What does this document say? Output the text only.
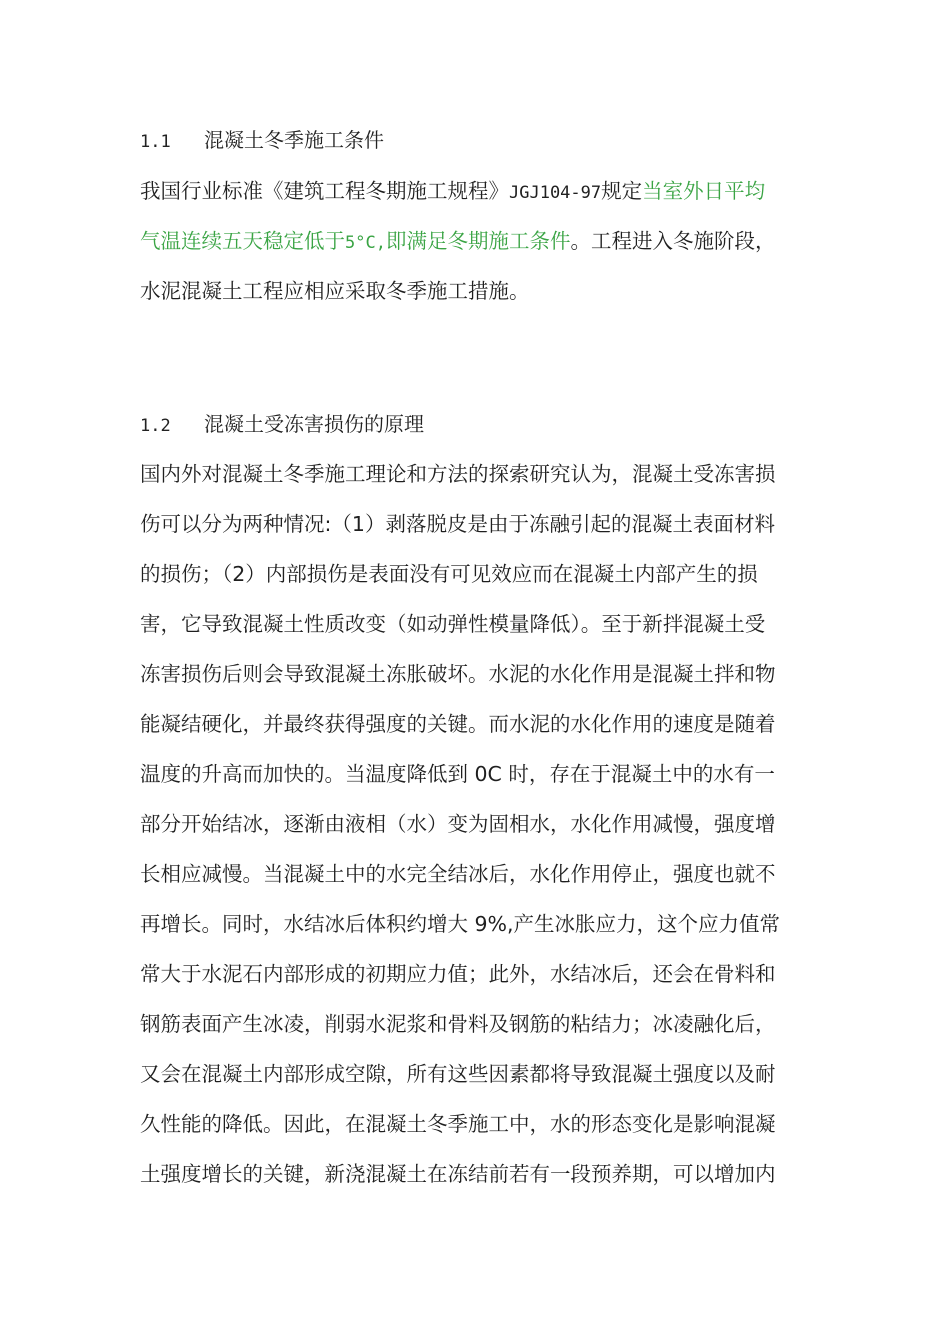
1.1 混凝土冬季施工条件
我国行业标准《建筑工程冬期施工规程》JGJ104-97规定当室外日平均
气温连续五天稳定低于5°C,即满足冬期施工条件。工程进入冬施阶段，
水泥混凝土工程应相应采取冬季施工措施。
1.2 混凝土受冻害损伤的原理
国内外对混凝土冬季施工理论和方法的探索研究认为，混凝土受冻害损
伤可以分为两种情况:（1）剥落脱皮是由于冻融引起的混凝土表面材料
的损伤；（2）内部损伤是表面没有可见效应而在混凝土内部产生的损
害，它导致混凝土性质改变（如动弹性模量降低）。至于新拌混凝土受
冻害损伤后则会导致混凝土冻胀破坏。水泥的水化作用是混凝土拌和物
能凝结硬化，并最终获得强度的关键。而水泥的水化作用的速度是随着
温度的升高而加快的。当温度降低到 0C 时，存在于混凝土中的水有一
部分开始结冰，逐渐由液相（水）变为固相水，水化作用减慢，强度增
长相应减慢。当混凝土中的水完全结冰后，水化作用停止，强度也就不
再增长。同时，水结冰后体积约增大 9%,产生冰胀应力，这个应力值常
常大于水泥石内部形成的初期应力值；此外，水结冰后，还会在骨料和
钢筋表面产生冰凌，削弱水泥浆和骨料及钢筋的粘结力；冰凌融化后，
又会在混凝土内部形成空隙，所有这些因素都将导致混凝土强度以及耐
久性能的降低。因此，在混凝土冬季施工中，水的形态变化是影响混凝
土强度增长的关键，新浇混凝土在冻结前若有一段预养期，可以增加内
